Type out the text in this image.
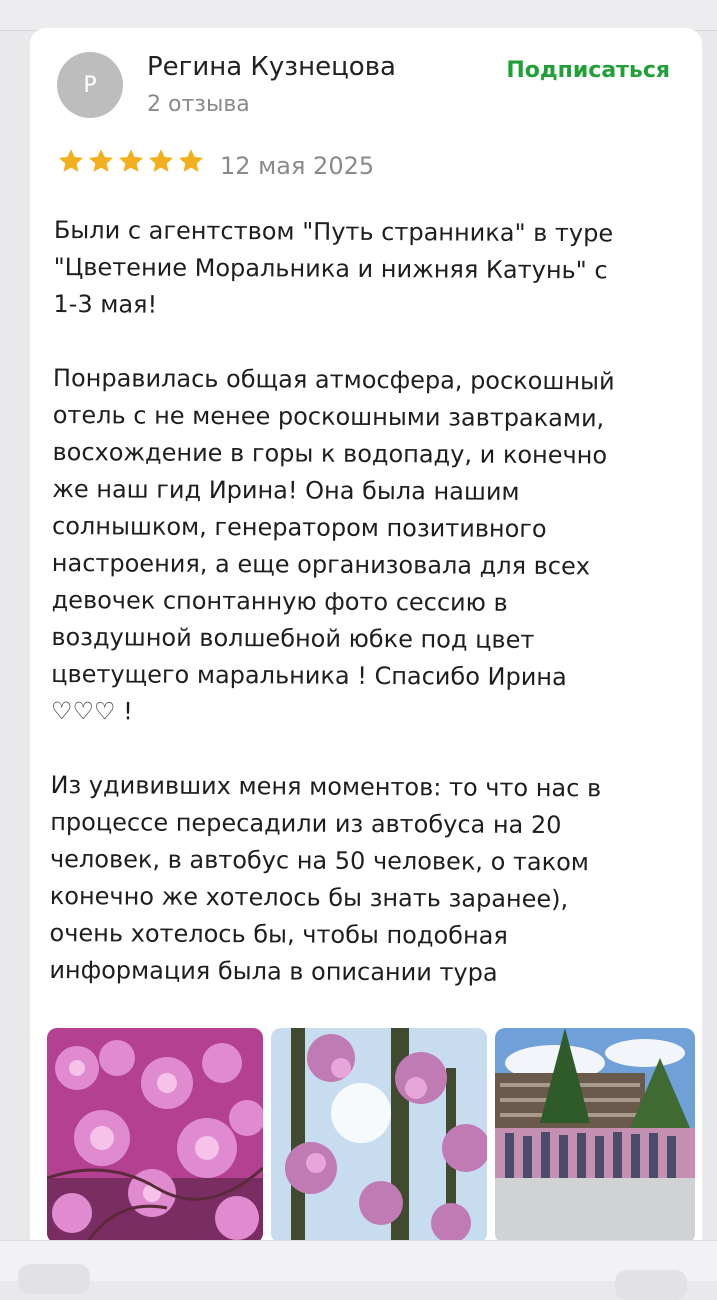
Р
Регина Кузнецова
2 отзыва
Подписаться
12 мая 2025
Были с агентством "Путь странника" в туре
"Цветение Моральника и нижняя Катунь" с
1-3 мая!

Понравилась общая атмосфера, роскошный
отель с не менее роскошными завтраками,
восхождение в горы к водопаду, и конечно
же наш гид Ирина! Она была нашим
солнышком, генератором позитивного
настроения, а еще организовала для всех
девочек спонтанную фото сессию в
воздушной волшебной юбке под цвет
цветущего маральника ! Спасибо Ирина
♡♡♡ !

Из удививших меня моментов: то что нас в
процессе пересадили из автобуса на 20
человек, в автобус на 50 человек, о таком
конечно же хотелось бы знать заранее),
очень хотелось бы, чтобы подобная
информация была в описании тура
